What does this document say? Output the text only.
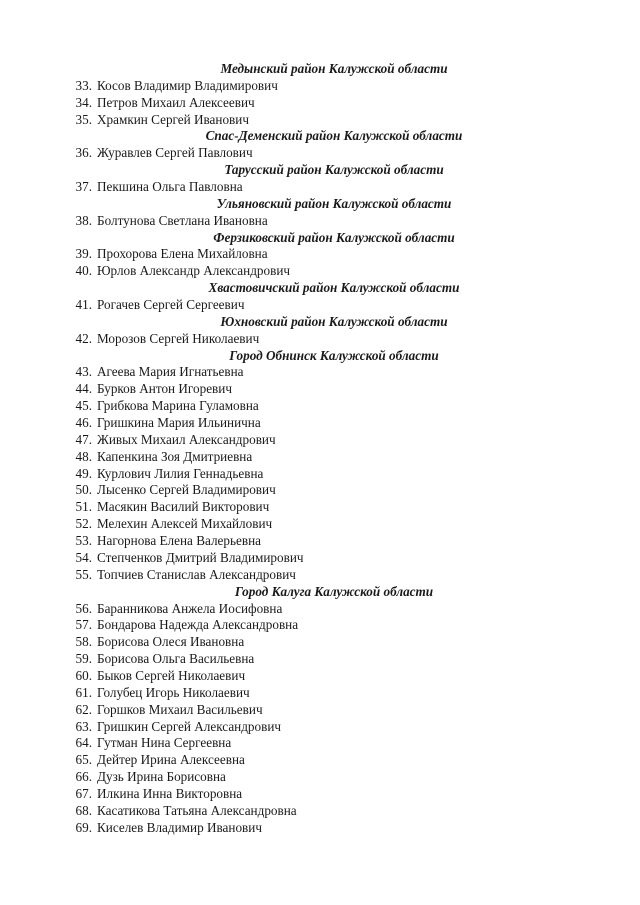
Медынский район Калужской области
33. Косов Владимир Владимирович
34. Петров Михаил Алексеевич
35. Храмкин Сергей Иванович
Спас-Деменский район Калужской области
36. Журавлев Сергей Павлович
Тарусский район Калужской области
37. Пекшина Ольга Павловна
Ульяновский район Калужской области
38. Болтунова Светлана Ивановна
Ферзиковский район Калужской области
39. Прохорова Елена Михайловна
40. Юрлов Александр Александрович
Хвастовичский район Калужской области
41. Рогачев Сергей Сергеевич
Юхновский район Калужской области
42. Морозов Сергей Николаевич
Город Обнинск Калужской области
43. Агеева Мария Игнатьевна
44. Бурков Антон Игоревич
45. Грибкова Марина Гуламовна
46. Гришкина Мария Ильинична
47. Живых Михаил Александрович
48. Капенкина Зоя Дмитриевна
49. Курлович Лилия Геннадьевна
50. Лысенко Сергей Владимирович
51. Масякин Василий Викторович
52. Мелехин Алексей Михайлович
53. Нагорнова Елена Валерьевна
54. Степченков Дмитрий Владимирович
55. Топчиев Станислав Александрович
Город Калуга Калужской области
56. Баранникова Анжела Иосифовна
57. Бондарова Надежда Александровна
58. Борисова Олеся Ивановна
59. Борисова Ольга Васильевна
60. Быков Сергей Николаевич
61. Голубец Игорь Николаевич
62. Горшков Михаил Васильевич
63. Гришкин Сергей Александрович
64. Гутман Нина Сергеевна
65. Дейтер Ирина Алексеевна
66. Дузь Ирина Борисовна
67. Илкина Инна Викторовна
68. Касатикова Татьяна Александровна
69. Киселев Владимир Иванович
